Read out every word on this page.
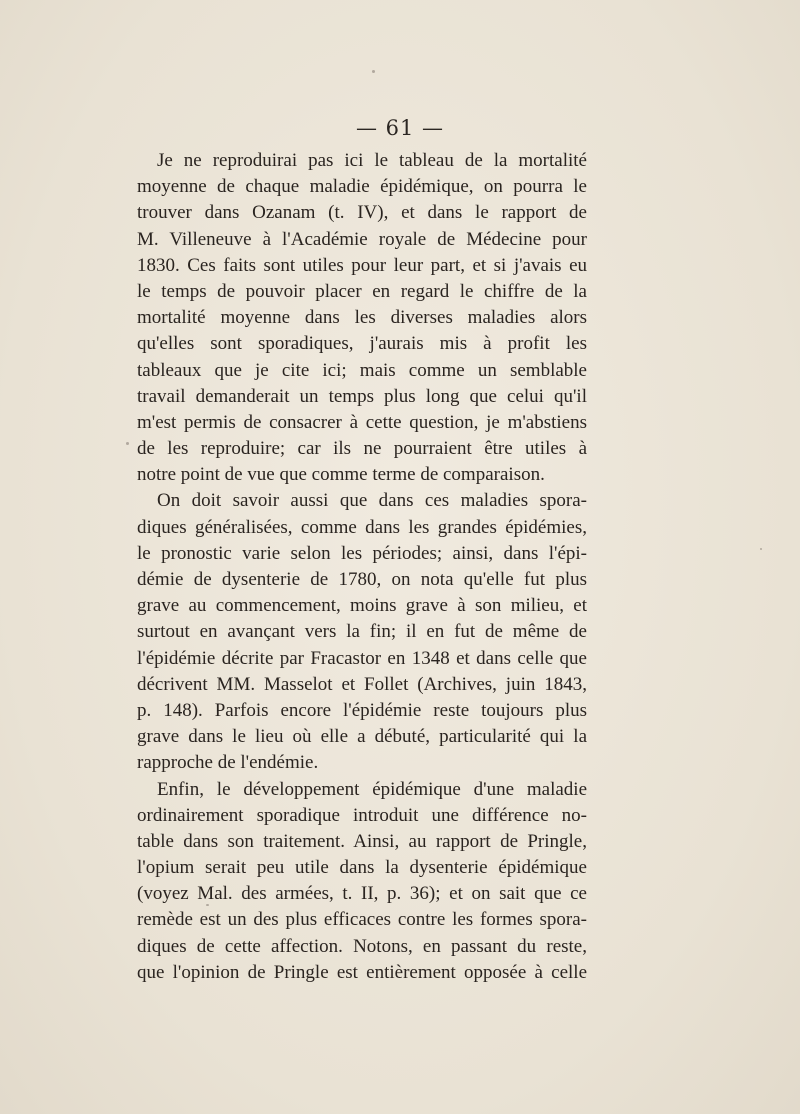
— 61 —
Je ne reproduirai pas ici le tableau de la mortalité
moyenne de chaque maladie épidémique, on pourra le
trouver dans Ozanam (t. IV), et dans le rapport de
M. Villeneuve à l'Académie royale de Médecine pour
1830. Ces faits sont utiles pour leur part, et si j'avais eu
le temps de pouvoir placer en regard le chiffre de la
mortalité moyenne dans les diverses maladies alors
qu'elles sont sporadiques, j'aurais mis à profit les
tableaux que je cite ici; mais comme un semblable
travail demanderait un temps plus long que celui qu'il
m'est permis de consacrer à cette question, je m'abstiens
de les reproduire; car ils ne pourraient être utiles à
notre point de vue que comme terme de comparaison.
On doit savoir aussi que dans ces maladies spora-
diques généralisées, comme dans les grandes épidémies,
le pronostic varie selon les périodes; ainsi, dans l'épi-
démie de dysenterie de 1780, on nota qu'elle fut plus
grave au commencement, moins grave à son milieu, et
surtout en avançant vers la fin; il en fut de même de
l'épidémie décrite par Fracastor en 1348 et dans celle que
décrivent MM. Masselot et Follet (Archives, juin 1843,
p. 148). Parfois encore l'épidémie reste toujours plus
grave dans le lieu où elle a débuté, particularité qui la
rapproche de l'endémie.
Enfin, le développement épidémique d'une maladie
ordinairement sporadique introduit une différence no-
table dans son traitement. Ainsi, au rapport de Pringle,
l'opium serait peu utile dans la dysenterie épidémique
(voyez Mal. des armées, t. II, p. 36); et on sait que ce
remède est un des plus efficaces contre les formes spora-
diques de cette affection. Notons, en passant du reste,
que l'opinion de Pringle est entièrement opposée à celle
